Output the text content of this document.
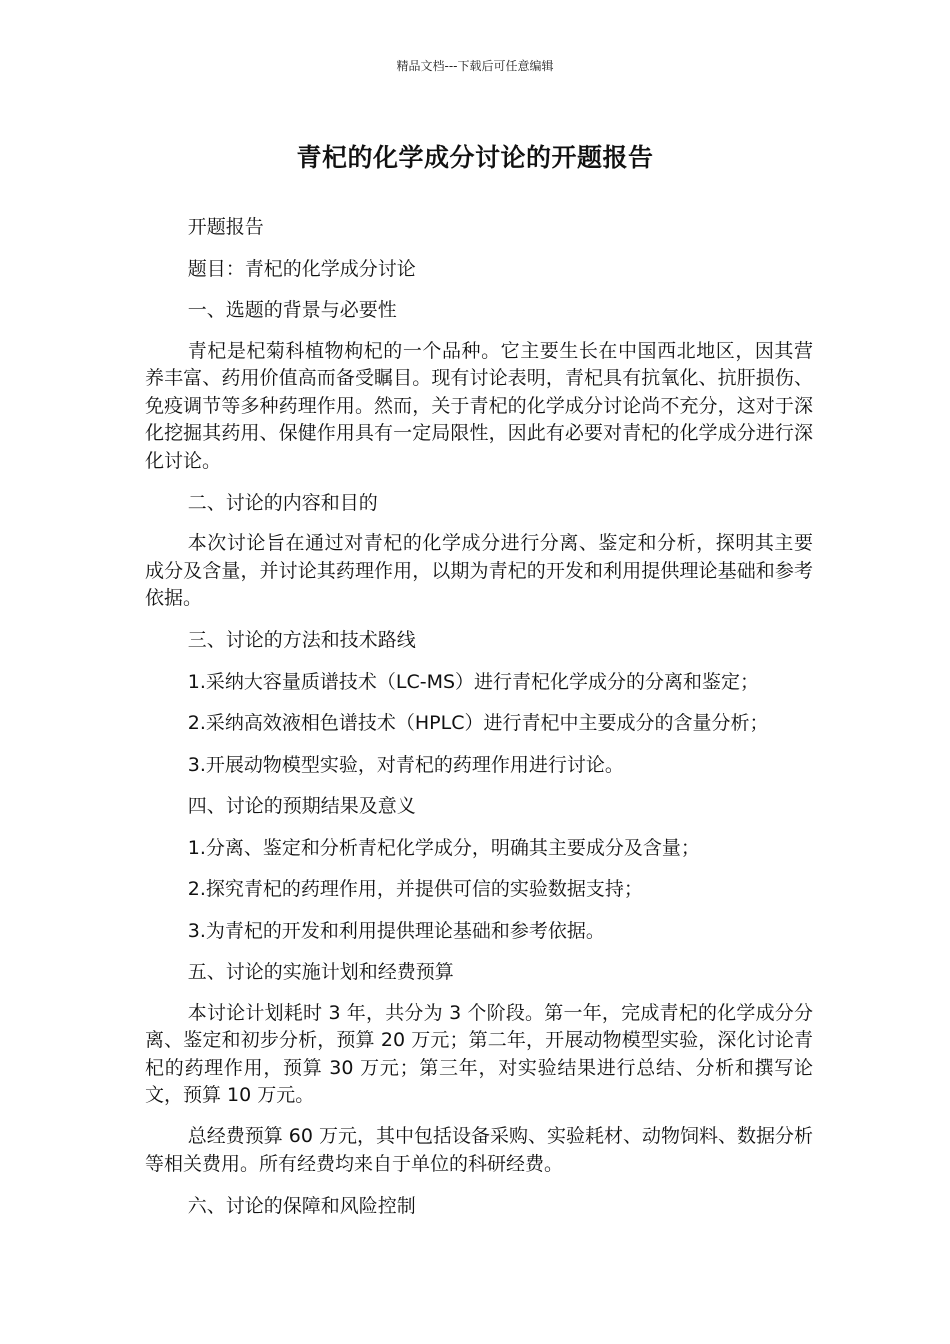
精品文档---下载后可任意编辑
青杞的化学成分讨论的开题报告

开题报告

题目：青杞的化学成分讨论

一、选题的背景与必要性

青杞是杞菊科植物枸杞的一个品种。它主要生长在中国西北地区，因其营养丰富、药用价值高而备受瞩目。现有讨论表明，青杞具有抗氧化、抗肝损伤、免疫调节等多种药理作用。然而，关于青杞的化学成分讨论尚不充分，这对于深化挖掘其药用、保健作用具有一定局限性，因此有必要对青杞的化学成分进行深化讨论。

二、讨论的内容和目的

本次讨论旨在通过对青杞的化学成分进行分离、鉴定和分析，探明其主要成分及含量，并讨论其药理作用，以期为青杞的开发和利用提供理论基础和参考依据。

三、讨论的方法和技术路线

1.采纳大容量质谱技术（LC-MS）进行青杞化学成分的分离和鉴定；

2.采纳高效液相色谱技术（HPLC）进行青杞中主要成分的含量分析；

3.开展动物模型实验，对青杞的药理作用进行讨论。

四、讨论的预期结果及意义

1.分离、鉴定和分析青杞化学成分，明确其主要成分及含量；

2.探究青杞的药理作用，并提供可信的实验数据支持；

3.为青杞的开发和利用提供理论基础和参考依据。

五、讨论的实施计划和经费预算

本讨论计划耗时 3 年，共分为 3 个阶段。第一年，完成青杞的化学成分分离、鉴定和初步分析，预算 20 万元；第二年，开展动物模型实验，深化讨论青杞的药理作用，预算 30 万元；第三年，对实验结果进行总结、分析和撰写论文，预算 10 万元。

总经费预算 60 万元，其中包括设备采购、实验耗材、动物饲料、数据分析等相关费用。所有经费均来自于单位的科研经费。

六、讨论的保障和风险控制
